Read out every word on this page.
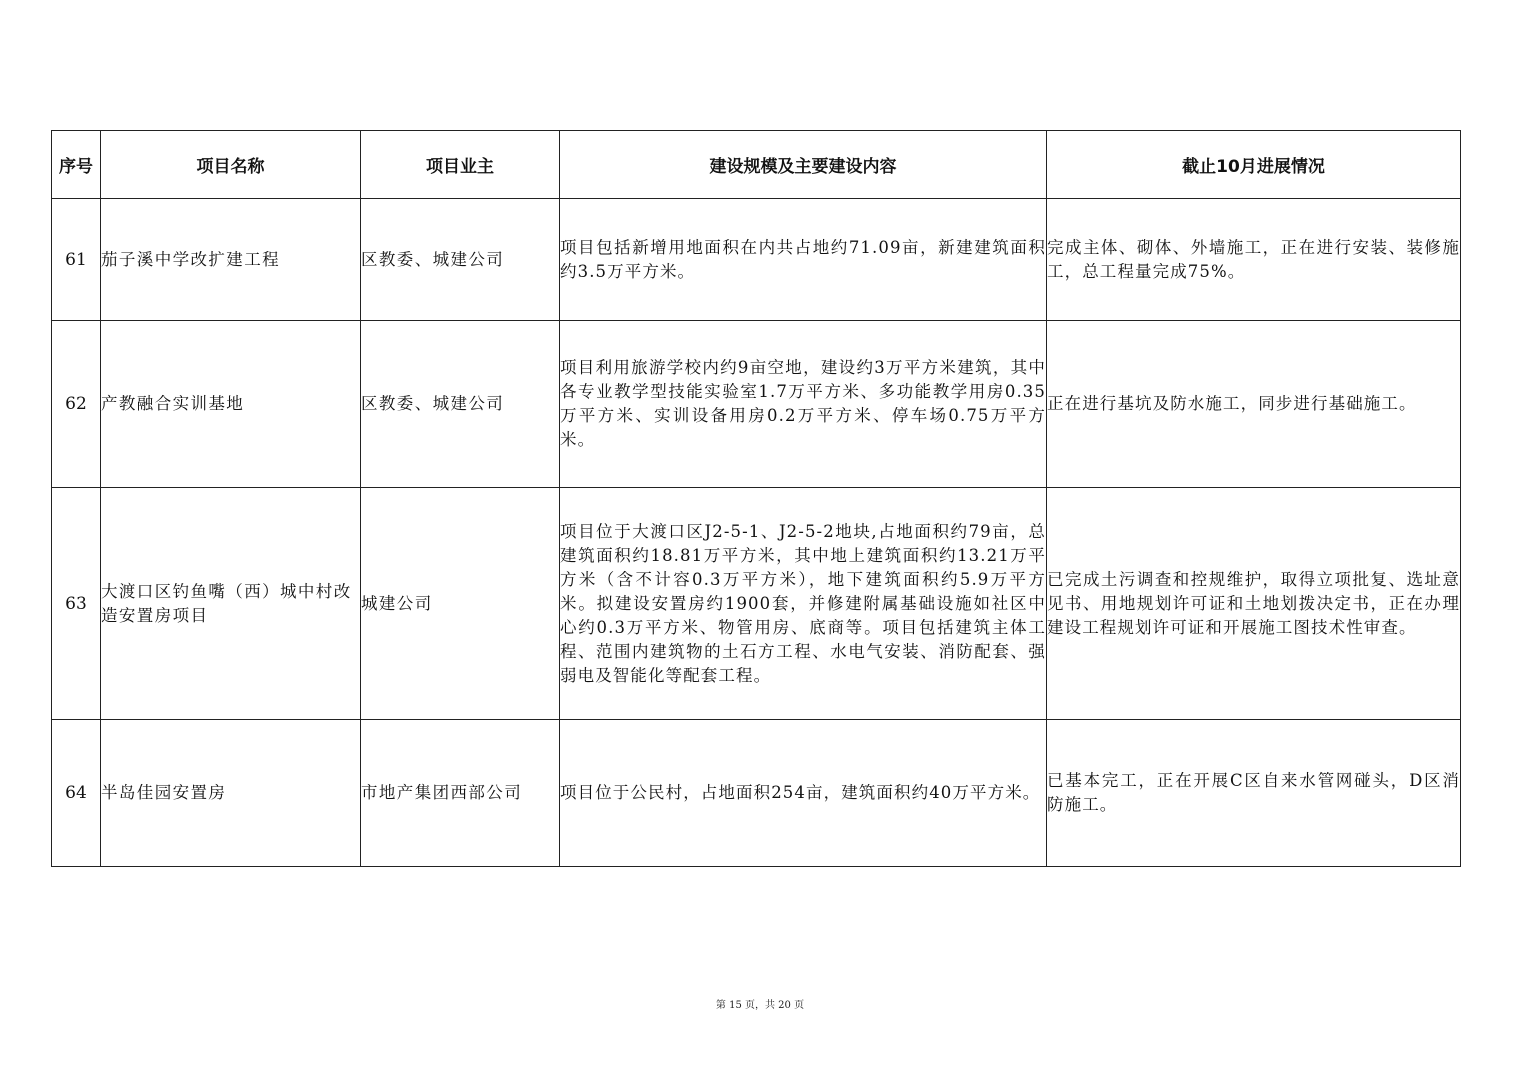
序号	项目名称	项目业主	建设规模及主要建设内容	截止10月进展情况
61	茄子溪中学改扩建工程	区教委、城建公司	项目包括新增用地面积在内共占地约71.09亩，新建建筑面积约3.5万平方米。	完成主体、砌体、外墙施工，正在进行安装、装修施工，总工程量完成75%。
62	产教融合实训基地	区教委、城建公司	项目利用旅游学校内约9亩空地，建设约3万平方米建筑，其中各专业教学型技能实验室1.7万平方米、多功能教学用房0.35万平方米、实训设备用房0.2万平方米、停车场0.75万平方米。	正在进行基坑及防水施工，同步进行基础施工。
63	大渡口区钓鱼嘴（西）城中村改造安置房项目	城建公司	项目位于大渡口区J2-5-1、J2-5-2地块,占地面积约79亩，总建筑面积约18.81万平方米，其中地上建筑面积约13.21万平方米（含不计容0.3万平方米），地下建筑面积约5.9万平方米。拟建设安置房约1900套，并修建附属基础设施如社区中心约0.3万平方米、物管用房、底商等。项目包括建筑主体工程、范围内建筑物的土石方工程、水电气安装、消防配套、强弱电及智能化等配套工程。	已完成土污调查和控规维护，取得立项批复、选址意见书、用地规划许可证和土地划拨决定书，正在办理建设工程规划许可证和开展施工图技术性审查。
64	半岛佳园安置房	市地产集团西部公司	项目位于公民村，占地面积254亩，建筑面积约40万平方米。	已基本完工，正在开展C区自来水管网碰头，D区消防施工。
第 15 页，共 20 页
